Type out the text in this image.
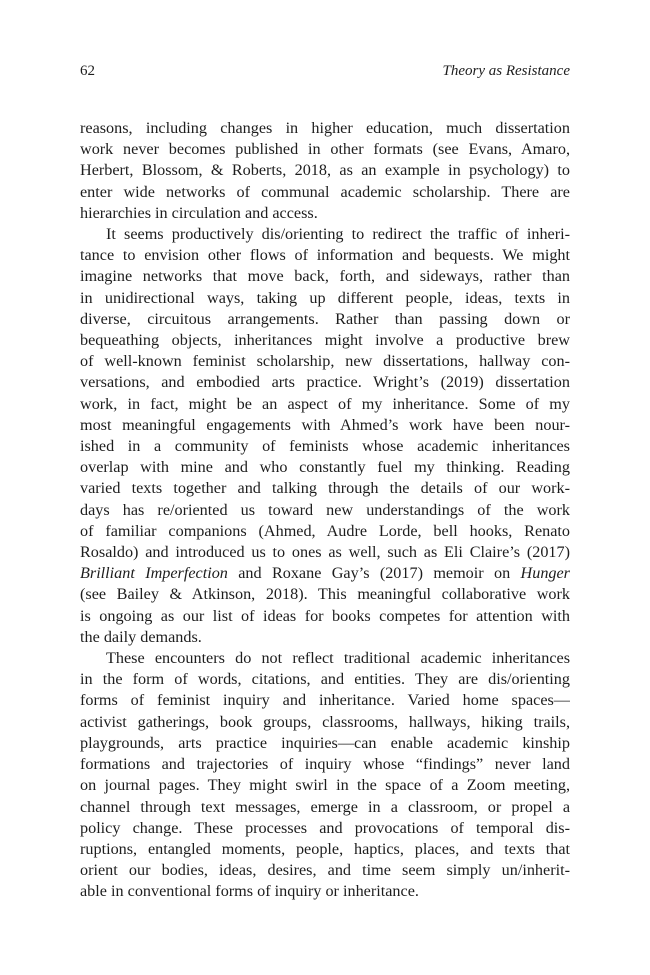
62	Theory as Resistance

reasons, including changes in higher education, much dissertation
work never becomes published in other formats (see Evans, Amaro,
Herbert, Blossom, & Roberts, 2018, as an example in psychology) to
enter wide networks of communal academic scholarship. There are
hierarchies in circulation and access.

It seems productively dis/orienting to redirect the traffic of inheri-
tance to envision other flows of information and bequests. We might
imagine networks that move back, forth, and sideways, rather than
in unidirectional ways, taking up different people, ideas, texts in
diverse, circuitous arrangements. Rather than passing down or
bequeathing objects, inheritances might involve a productive brew
of well-known feminist scholarship, new dissertations, hallway con-
versations, and embodied arts practice. Wright’s (2019) dissertation
work, in fact, might be an aspect of my inheritance. Some of my
most meaningful engagements with Ahmed’s work have been nour-
ished in a community of feminists whose academic inheritances
overlap with mine and who constantly fuel my thinking. Reading
varied texts together and talking through the details of our work-
days has re/oriented us toward new understandings of the work
of familiar companions (Ahmed, Audre Lorde, bell hooks, Renato
Rosaldo) and introduced us to ones as well, such as Eli Claire’s (2017)
Brilliant Imperfection and Roxane Gay’s (2017) memoir on Hunger
(see Bailey & Atkinson, 2018). This meaningful collaborative work
is ongoing as our list of ideas for books competes for attention with
the daily demands.

These encounters do not reflect traditional academic inheritances
in the form of words, citations, and entities. They are dis/orienting
forms of feminist inquiry and inheritance. Varied home spaces—
activist gatherings, book groups, classrooms, hallways, hiking trails,
playgrounds, arts practice inquiries—can enable academic kinship
formations and trajectories of inquiry whose “findings” never land
on journal pages. They might swirl in the space of a Zoom meeting,
channel through text messages, emerge in a classroom, or propel a
policy change. These processes and provocations of temporal dis-
ruptions, entangled moments, people, haptics, places, and texts that
orient our bodies, ideas, desires, and time seem simply un/inherit-
able in conventional forms of inquiry or inheritance.
